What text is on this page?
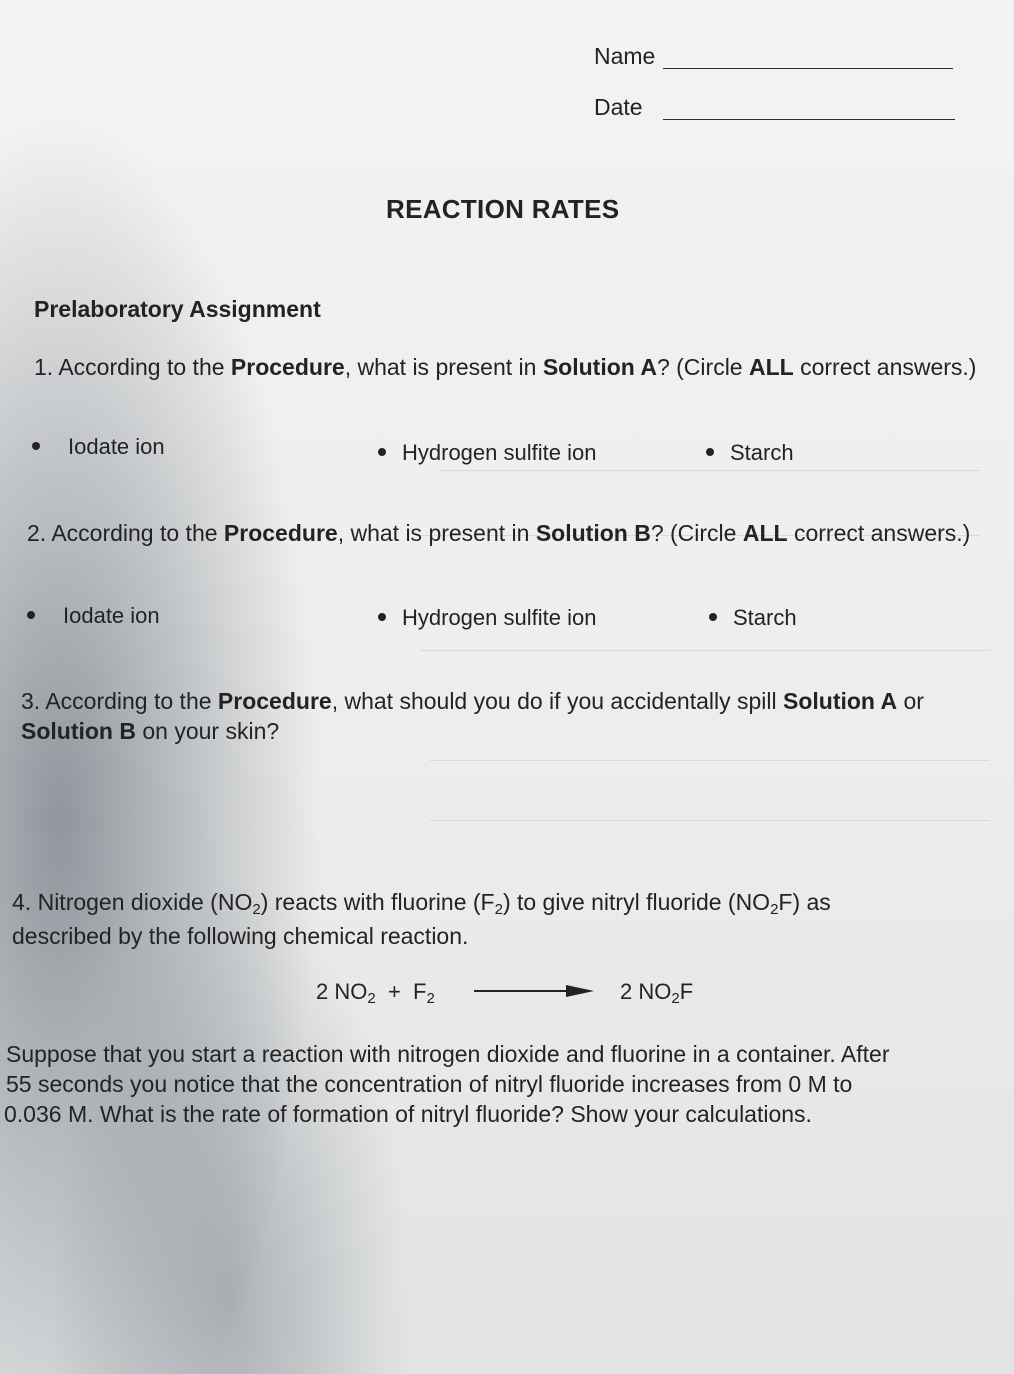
Name
Date
REACTION RATES
Prelaboratory Assignment
1. According to the Procedure, what is present in Solution A? (Circle ALL correct answers.)
Iodate ion	Hydrogen sulfite ion	Starch
2. According to the Procedure, what is present in Solution B? (Circle ALL correct answers.)
Iodate ion	Hydrogen sulfite ion	Starch
3. According to the Procedure, what should you do if you accidentally spill Solution A or Solution B on your skin?
4. Nitrogen dioxide (NO2) reacts with fluorine (F2) to give nitryl fluoride (NO2F) as
described by the following chemical reaction.
2 NO2 + F2	2 NO2F
Suppose that you start a reaction with nitrogen dioxide and fluorine in a container. After
55 seconds you notice that the concentration of nitryl fluoride increases from 0 M to
0.036 M. What is the rate of formation of nitryl fluoride? Show your calculations.
